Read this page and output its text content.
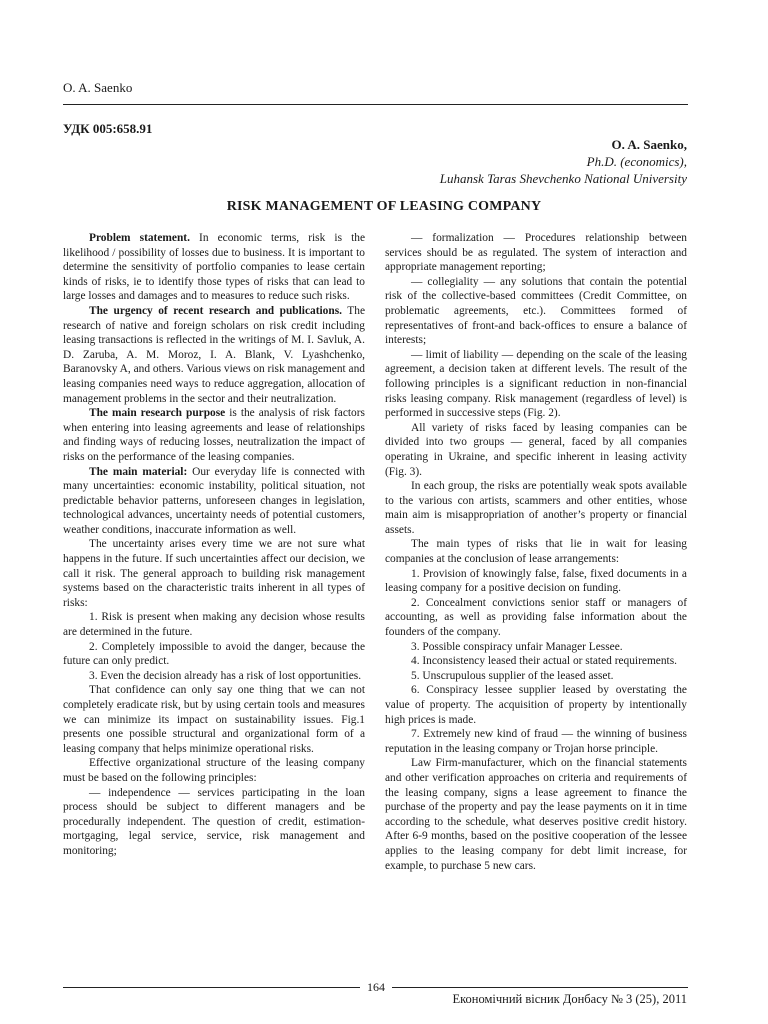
O. A. Saenko
УДК 005:658.91
O. A. Saenko,
Ph.D. (economics),
Luhansk Taras Shevchenko National University
RISK MANAGEMENT OF LEASING COMPANY

Problem statement. In economic terms, risk is the likelihood / possibility of losses due to business. It is important to determine the sensitivity of portfolio companies to lease certain kinds of risks, ie to identify those types of risks that can lead to large losses and damages and to measures to reduce such risks.

The urgency of recent research and publications. The research of native and foreign scholars on risk credit including leasing transactions is reflected in the writings of M. I. Savluk, A. D. Zaruba, A. M. Moroz, I. A. Blank, V. Lyashchenko, Baranovsky A, and others. Various views on risk management and leasing companies need ways to reduce aggregation, allocation of management problems in the sector and their neutralization.

The main research purpose is the analysis of risk factors when entering into leasing agreements and lease of relationships and finding ways of reducing losses, neutralization the impact of risks on the performance of the leasing companies.

The main material: Our everyday life is connected with many uncertainties: economic instability, political situation, not predictable behavior patterns, unforeseen changes in legislation, technological advances, uncertainty needs of potential customers, weather conditions, inaccurate information as well.

The uncertainty arises every time we are not sure what happens in the future. If such uncertainties affect our decision, we call it risk. The general approach to building risk management systems based on the characteristic traits inherent in all types of risks:

1. Risk is present when making any decision whose results are determined in the future.

2. Completely impossible to avoid the danger, because the future can only predict.

3. Even the decision already has a risk of lost opportunities.

That confidence can only say one thing that we can not completely eradicate risk, but by using certain tools and measures we can minimize its impact on sustainability issues. Fig.1 presents one possible structural and organizational form of a leasing company that helps minimize operational risks.

Effective organizational structure of the leasing company must be based on the following principles:

— independence — services participating in the loan process should be subject to different managers and be procedurally independent. The question of credit, estimation-mortgaging, legal service, service, risk management and monitoring;

— formalization — Procedures relationship between services should be as regulated. The system of interaction and appropriate management reporting;

— collegiality — any solutions that contain the potential risk of the collective-based committees (Credit Committee, on problematic agreements, etc.). Committees formed of representatives of front-and back-offices to ensure a balance of interests;

— limit of liability — depending on the scale of the leasing agreement, a decision taken at different levels. The result of the following principles is a significant reduction in non-financial risks leasing company. Risk management (regardless of level) is performed in successive steps (Fig. 2).

All variety of risks faced by leasing companies can be divided into two groups — general, faced by all companies operating in Ukraine, and specific inherent in leasing activity (Fig. 3).

In each group, the risks are potentially weak spots available to the various con artists, scammers and other entities, whose main aim is misappropriation of another’s property or financial assets.

The main types of risks that lie in wait for leasing companies at the conclusion of lease arrangements:

1. Provision of knowingly false, false, fixed documents in a leasing company for a positive decision on funding.

2. Concealment convictions senior staff or managers of accounting, as well as providing false information about the founders of the company.

3. Possible conspiracy unfair Manager Lessee.

4. Inconsistency leased their actual or stated requirements.

5. Unscrupulous supplier of the leased asset.

6. Conspiracy lessee supplier leased by overstating the value of property. The acquisition of property by intentionally high prices is made.

7. Extremely new kind of fraud — the winning of business reputation in the leasing company or Trojan horse principle.

Law Firm-manufacturer, which on the financial statements and other verification approaches on criteria and requirements of the leasing company, signs a lease agreement to finance the purchase of the property and pay the lease payments on it in time according to the schedule, what deserves positive credit history. After 6-9 months, based on the positive cooperation of the lessee applies to the leasing company for debt limit increase, for example, to purchase 5 new cars.

164
Економічний вісник Донбасу № 3 (25), 2011
